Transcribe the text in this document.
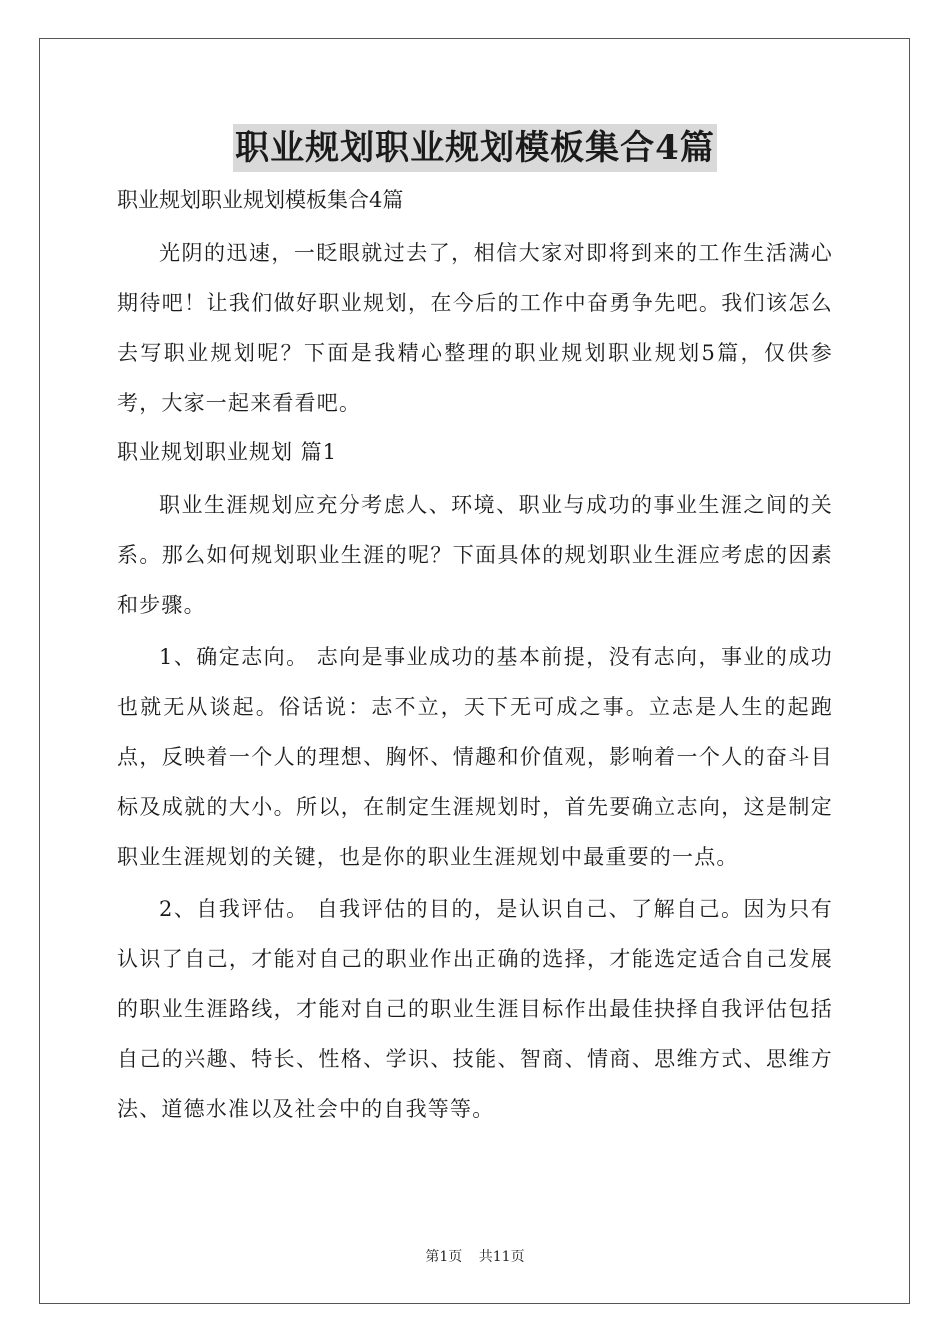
职业规划职业规划模板集合4篇

职业规划职业规划模板集合4篇

光阴的迅速，一眨眼就过去了，相信大家对即将到来的工作生活满心期待吧！让我们做好职业规划，在今后的工作中奋勇争先吧。我们该怎么去写职业规划呢？下面是我精心整理的职业规划职业规划5篇，仅供参考，大家一起来看看吧。

职业规划职业规划 篇1

职业生涯规划应充分考虑人、环境、职业与成功的事业生涯之间的关系。那么如何规划职业生涯的呢？下面具体的规划职业生涯应考虑的因素和步骤。

1、确定志向。 志向是事业成功的基本前提，没有志向，事业的成功也就无从谈起。俗话说：志不立，天下无可成之事。立志是人生的起跑点，反映着一个人的理想、胸怀、情趣和价值观，影响着一个人的奋斗目标及成就的大小。所以，在制定生涯规划时，首先要确立志向，这是制定职业生涯规划的关键，也是你的职业生涯规划中最重要的一点。

2、自我评估。 自我评估的目的，是认识自己、了解自己。因为只有认识了自己，才能对自己的职业作出正确的选择，才能选定适合自己发展的职业生涯路线，才能对自己的职业生涯目标作出最佳抉择自我评估包括自己的兴趣、特长、性格、学识、技能、智商、情商、思维方式、思维方法、道德水准以及社会中的自我等等。

第1页 共11页
